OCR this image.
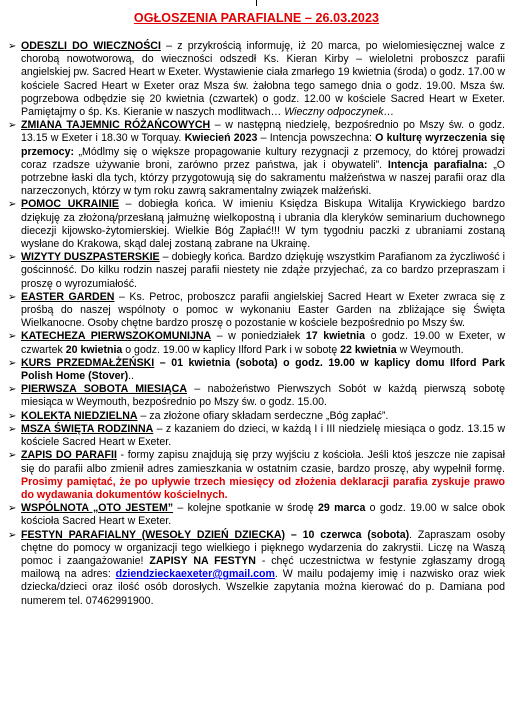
OGŁOSZENIA PARAFIALNE – 26.03.2023
➢ ODESZLI DO WIECZNOŚCI – z przykrością informuję, iż 20 marca, po wielomiesięcznej walce z chorobą nowotworową, do wieczności odszedł Ks. Kieran Kirby – wieloletni proboszcz parafii angielskiej pw. Sacred Heart w Exeter. Wystawienie ciała zmarłego 19 kwietnia (środa) o godz. 17.00 w kościele Sacred Heart w Exeter oraz Msza św. żałobna tego samego dnia o godz. 19.00. Msza św. pogrzebowa odbędzie się 20 kwietnia (czwartek) o godz. 12.00 w kościele Sacred Heart w Exeter. Pamiętajmy o śp. Ks. Kieranie w naszych modlitwach… Wieczny odpoczynek…
➢ ZMIANA TAJEMNIC RÓŻAŃCOWYCH – w następną niedzielę, bezpośrednio po Mszy św. o godz. 13.15 w Exeter i 18.30 w Torquay. Kwiecień 2023 – Intencja powszechna: O kulturę wyrzeczenia się przemocy: „Módlmy się o większe propagowanie kultury rezygnacji z przemocy, do której prowadzi coraz rzadsze używanie broni, zarówno przez państwa, jak i obywateli”. Intencja parafialna: „O potrzebne łaski dla tych, którzy przygotowują się do sakramentu małżeństwa w naszej parafii oraz dla narzeczonych, którzy w tym roku zawrą sakramentalny związek małżeński.
➢ POMOC UKRAINIE – dobiegła końca. W imieniu Księdza Biskupa Witalija Krywickiego bardzo dziękuję za złożoną/przesłaną jałmużnę wielkopostną i ubrania dla kleryków seminarium duchownego diecezji kijowsko-żytomierskiej. Wielkie Bóg Zapłać!!! W tym tygodniu paczki z ubraniami zostaną wysłane do Krakowa, skąd dalej zostaną zabrane na Ukrainę.
➢ WIZYTY DUSZPASTERSKIE – dobiegły końca. Bardzo dziękuję wszystkim Parafianom za życzliwość i gościnność. Do kilku rodzin naszej parafii niestety nie zdąże przyjechać, za co bardzo przepraszam i proszę o wyrozumiałość.
➢ EASTER GARDEN – Ks. Petroc, proboszcz parafii angielskiej Sacred Heart w Exeter zwraca się z prośbą do naszej wspólnoty o pomoc w wykonaniu Easter Garden na zbliżające się Święta Wielkanocne. Osoby chętne bardzo proszę o pozostanie w kościele bezpośrednio po Mszy św.
➢ KATECHEZA PIERWSZOKOMUNIJNA – w poniedziałek 17 kwietnia o godz. 19.00 w Exeter, w czwartek 20 kwietnia o godz. 19.00 w kaplicy Ilford Park i w sobotę 22 kwietnia w Weymouth.
➢ KURS PRZEDMAŁŻEŃSKI – 01 kwietnia (sobota) o godz. 19.00 w kaplicy domu Ilford Park Polish Home (Stover)..
➢ PIERWSZA SOBOTA MIESIĄCA – nabożeństwo Pierwszych Sobót w każdą pierwszą sobotę miesiąca w Weymouth, bezpośrednio po Mszy św. o godz. 15.00.
➢ KOLEKTA NIEDZIELNA – za złożone ofiary składam serdeczne „Bóg zapłać”.
➢ MSZA ŚWIĘTA RODZINNA – z kazaniem do dzieci, w każdą I i III niedzielę miesiąca o godz. 13.15 w kościele Sacred Heart w Exeter.
➢ ZAPIS DO PARAFII - formy zapisu znajdują się przy wyjściu z kościoła. Jeśli ktoś jeszcze nie zapisał się do parafii albo zmienił adres zamieszkania w ostatnim czasie, bardzo proszę, aby wypełnił formę. Prosimy pamiętać, że po upływie trzech miesięcy od złożenia deklaracji parafia zyskuje prawo do wydawania dokumentów kościelnych.
➢ WSPÓLNOTA „OTO JESTEM” – kolejne spotkanie w środę 29 marca o godz. 19.00 w salce obok kościoła Sacred Heart w Exeter.
➢ FESTYN PARAFIALNY (WESOŁY DZIEŃ DZIECKA) – 10 czerwca (sobota). Zapraszam osoby chętne do pomocy w organizacji tego wielkiego i pięknego wydarzenia do zakrystii. Liczę na Waszą pomoc i zaangażowanie! ZAPISY NA FESTYN - chęć uczestnictwa w festynie zgłaszamy drogą mailową na adres: dziendzieckaexeter@gmail.com. W mailu podajemy imię i nazwisko oraz wiek dziecka/dzieci oraz ilość osób dorosłych. Wszelkie zapytania można kierować do p. Damiana pod numerem tel. 07462991900.
